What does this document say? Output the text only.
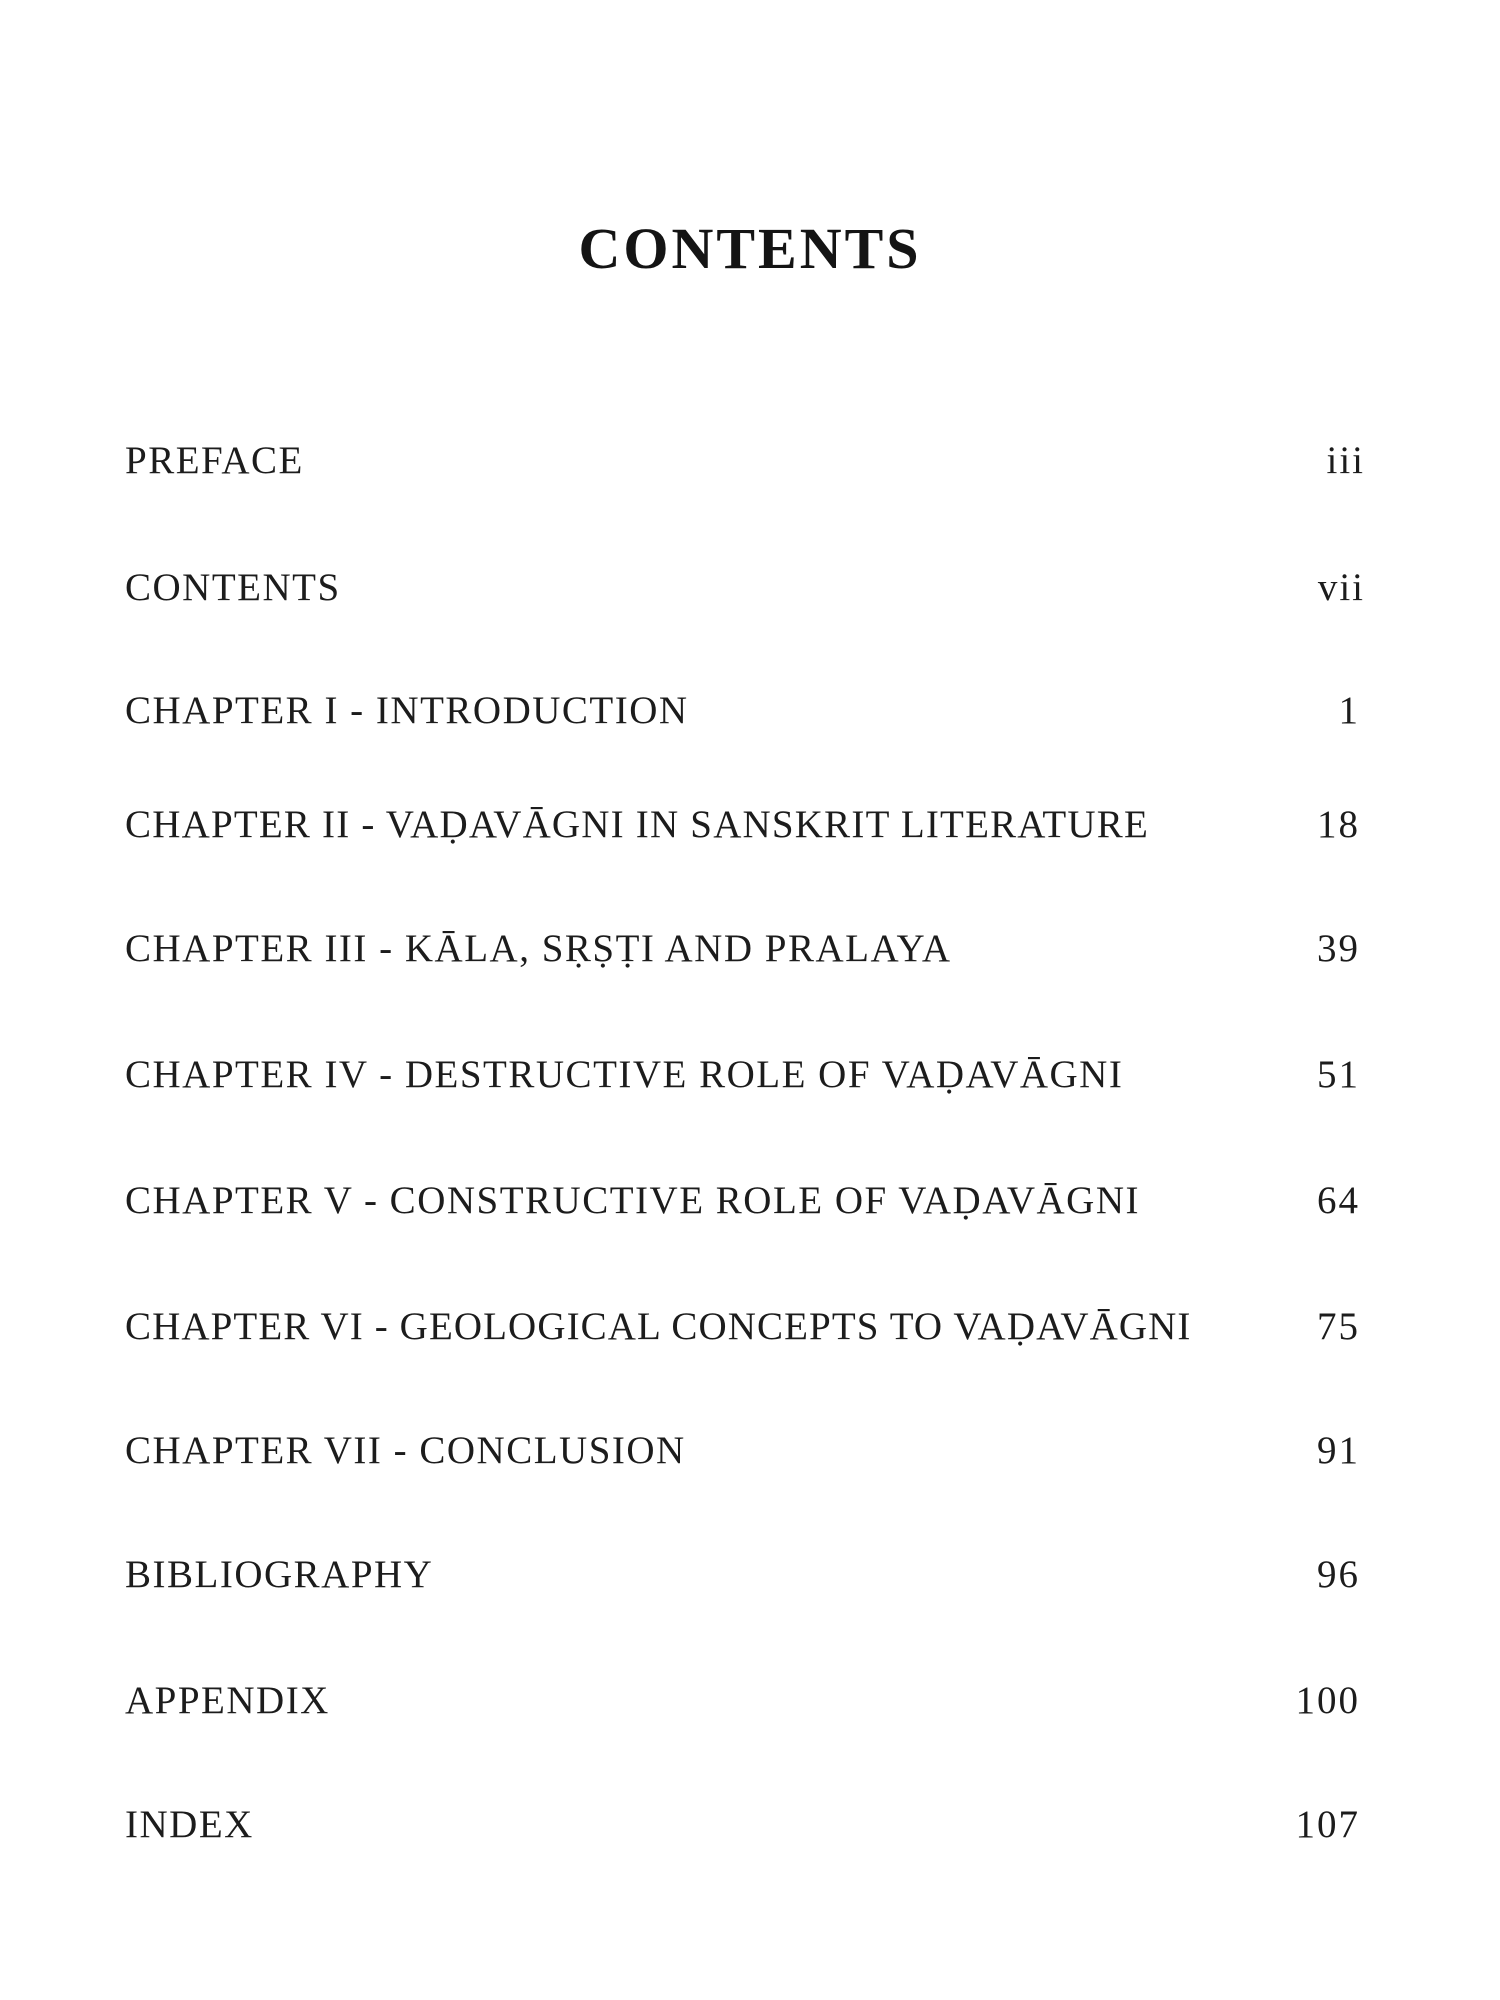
CONTENTS
PREFACE	iii
CONTENTS	vii
CHAPTER I - INTRODUCTION	1
CHAPTER II - VAḌAVĀGNI IN SANSKRIT LITERATURE	18
CHAPTER III - KĀLA, SṚṢṬI AND PRALAYA	39
CHAPTER IV - DESTRUCTIVE ROLE OF VAḌAVĀGNI	51
CHAPTER V - CONSTRUCTIVE ROLE OF VAḌAVĀGNI	64
CHAPTER VI - GEOLOGICAL CONCEPTS TO VAḌAVĀGNI	75
CHAPTER VII - CONCLUSION	91
BIBLIOGRAPHY	96
APPENDIX	100
INDEX	107
